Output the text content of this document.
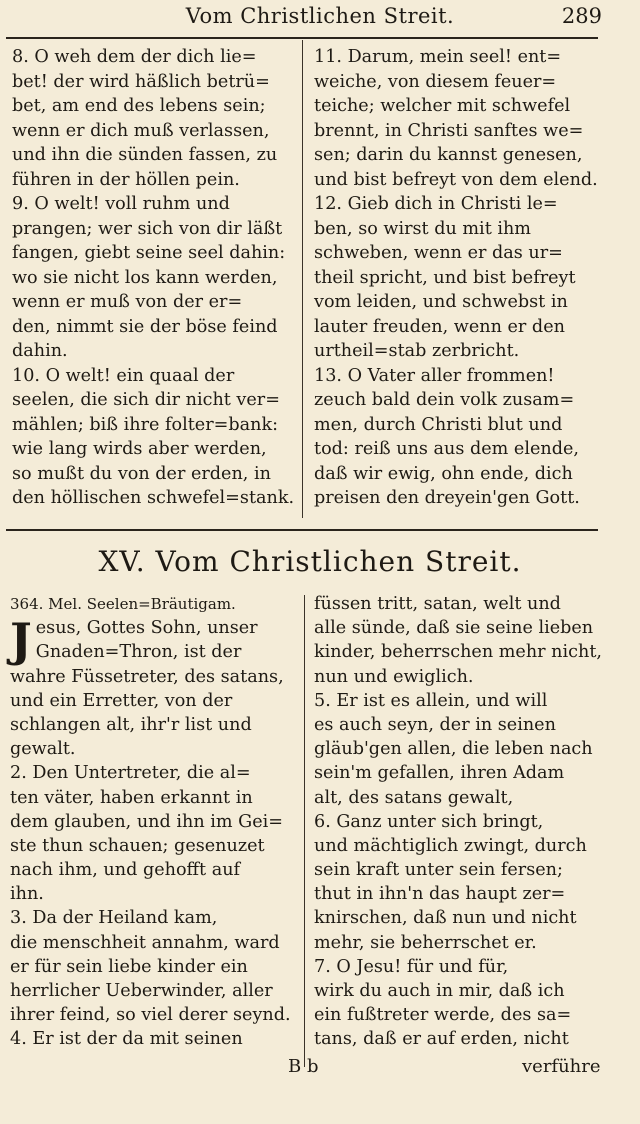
Vom Christlichen Streit.	289
8. O weh dem der dich lie=
bet! der wird häßlich betrü=
bet, am end des lebens sein;
wenn er dich muß verlassen,
und ihn die sünden fassen, zu
führen in der höllen pein.
9. O welt! voll ruhm und
prangen; wer sich von dir läßt
fangen, giebt seine seel dahin:
wo sie nicht los kann werden,
wenn er muß von der er=
den, nimmt sie der böse feind
dahin.
10. O welt! ein quaal der
seelen, die sich dir nicht ver=
mählen; biß ihre folter=bank:
wie lang wirds aber werden,
so mußt du von der erden, in
den höllischen schwefel=stank.
11. Darum, mein seel! ent=
weiche, von diesem feuer=
teiche; welcher mit schwefel
brennt, in Christi sanftes we=
sen; darin du kannst genesen,
und bist befreyt von dem elend.
12. Gieb dich in Christi le=
ben, so wirst du mit ihm
schweben, wenn er das ur=
theil spricht, und bist befreyt
vom leiden, und schwebst in
lauter freuden, wenn er den
urtheil=stab zerbricht.
13. O Vater aller frommen!
zeuch bald dein volk zusam=
men, durch Christi blut und
tod: reiß uns aus dem elende,
daß wir ewig, ohn ende, dich
preisen den dreyein'gen Gott.
XV. Vom Christlichen Streit.
364. Mel. Seelen=Bräutigam.
J esus, Gottes Sohn, unser
Gnaden=Thron, ist der
wahre Füssetreter, des satans,
und ein Erretter, von der
schlangen alt, ihr'r list und
gewalt.
2. Den Untertreter, die al=
ten väter, haben erkannt in
dem glauben, und ihn im Gei=
ste thun schauen; gesenuzet
nach ihm, und gehofft auf
ihn.
3. Da der Heiland kam,
die menschheit annahm, ward
er für sein liebe kinder ein
herrlicher Ueberwinder, aller
ihrer feind, so viel derer seynd.
4. Er ist der da mit seinen
füssen tritt, satan, welt und
alle sünde, daß sie seine lieben
kinder, beherrschen mehr nicht,
nun und ewiglich.
5. Er ist es allein, und will
es auch seyn, der in seinen
gläub'gen allen, die leben nach
sein'm gefallen, ihren Adam
alt, des satans gewalt,
6. Ganz unter sich bringt,
und mächtiglich zwingt, durch
sein kraft unter sein fersen;
thut in ihn'n das haupt zer=
knirschen, daß nun und nicht
mehr, sie beherrschet er.
7. O Jesu! für und für,
wirk du auch in mir, daß ich
ein fußtreter werde, des sa=
tans, daß er auf erden, nicht
B b	verführe
